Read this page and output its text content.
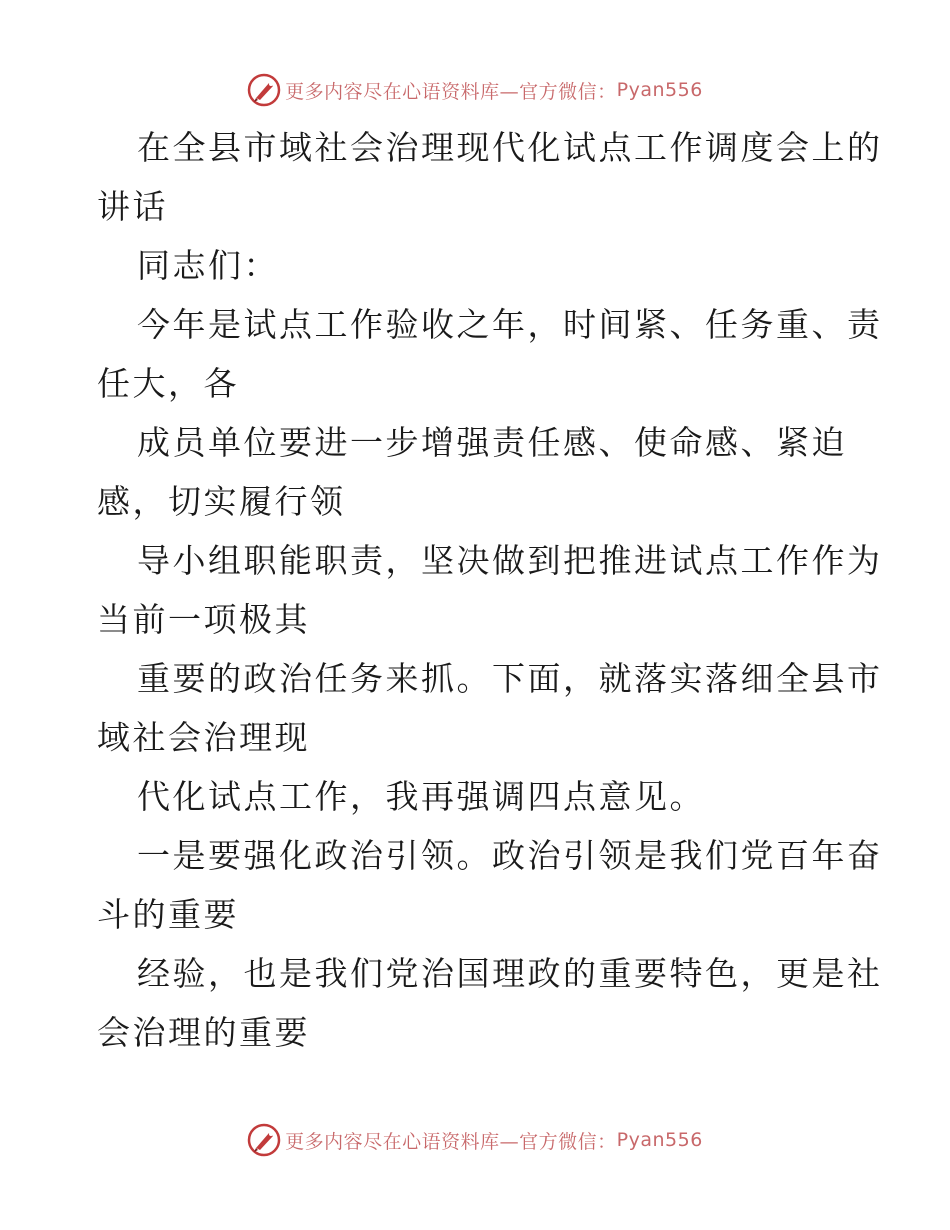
更多内容尽在心语资料库—官方微信： Pyan556
在全县市域社会治理现代化试点工作调度会上的
讲话
同志们：
今年是试点工作验收之年，时间紧、任务重、责
任大，各
成员单位要进一步增强责任感、使命感、紧迫
感，切实履行领
导小组职能职责，坚决做到把推进试点工作作为
当前一项极其
重要的政治任务来抓。下面，就落实落细全县市
域社会治理现
代化试点工作，我再强调四点意见。
一是要强化政治引领。政治引领是我们党百年奋
斗的重要
经验，也是我们党治国理政的重要特色，更是社
会治理的重要
更多内容尽在心语资料库—官方微信： Pyan556
